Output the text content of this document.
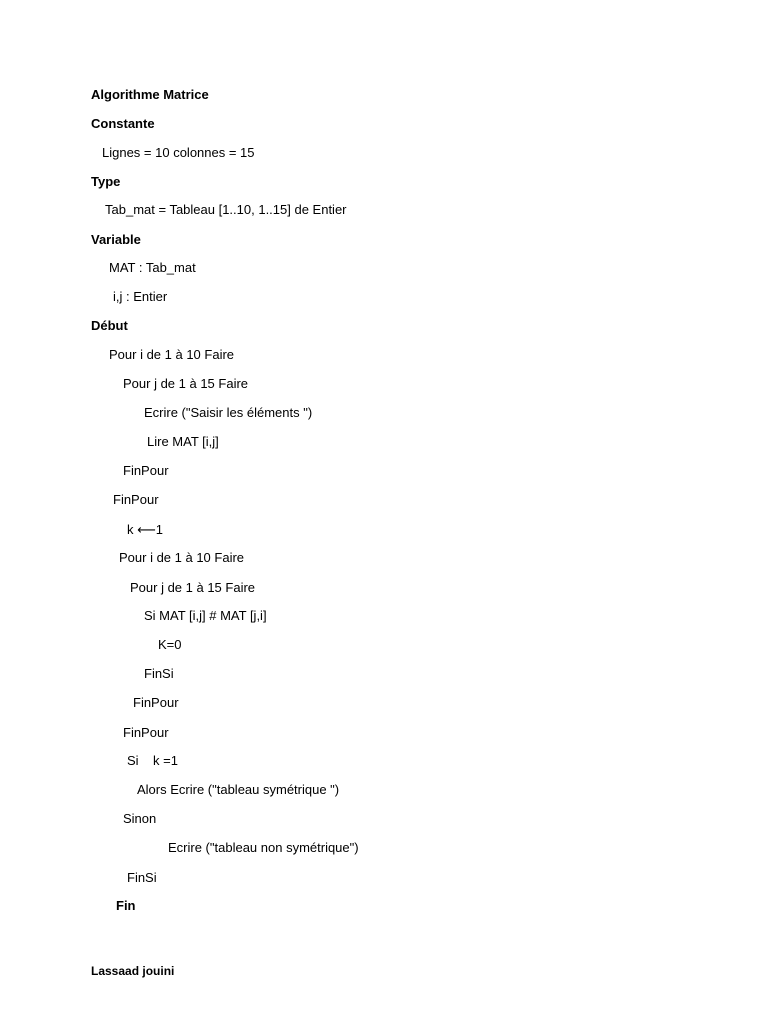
Algorithme Matrice
Constante
Lignes = 10 colonnes = 15
Type
Tab_mat = Tableau [1..10, 1..15] de Entier
Variable
MAT : Tab_mat
i,j : Entier
Début
Pour i de 1 à 10 Faire
Pour j de 1 à 15 Faire
Ecrire ("Saisir les éléments ")
Lire MAT [i,j]
FinPour
FinPour
k ⟵1
Pour i de 1 à 10 Faire
Pour j de 1 à 15 Faire
Si MAT [i,j] # MAT [j,i]
K=0
FinSi
FinPour
FinPour
Si    k =1
Alors Ecrire ("tableau symétrique ")
Sinon
Ecrire ("tableau non symétrique")
FinSi
Fin
Lassaad jouini
